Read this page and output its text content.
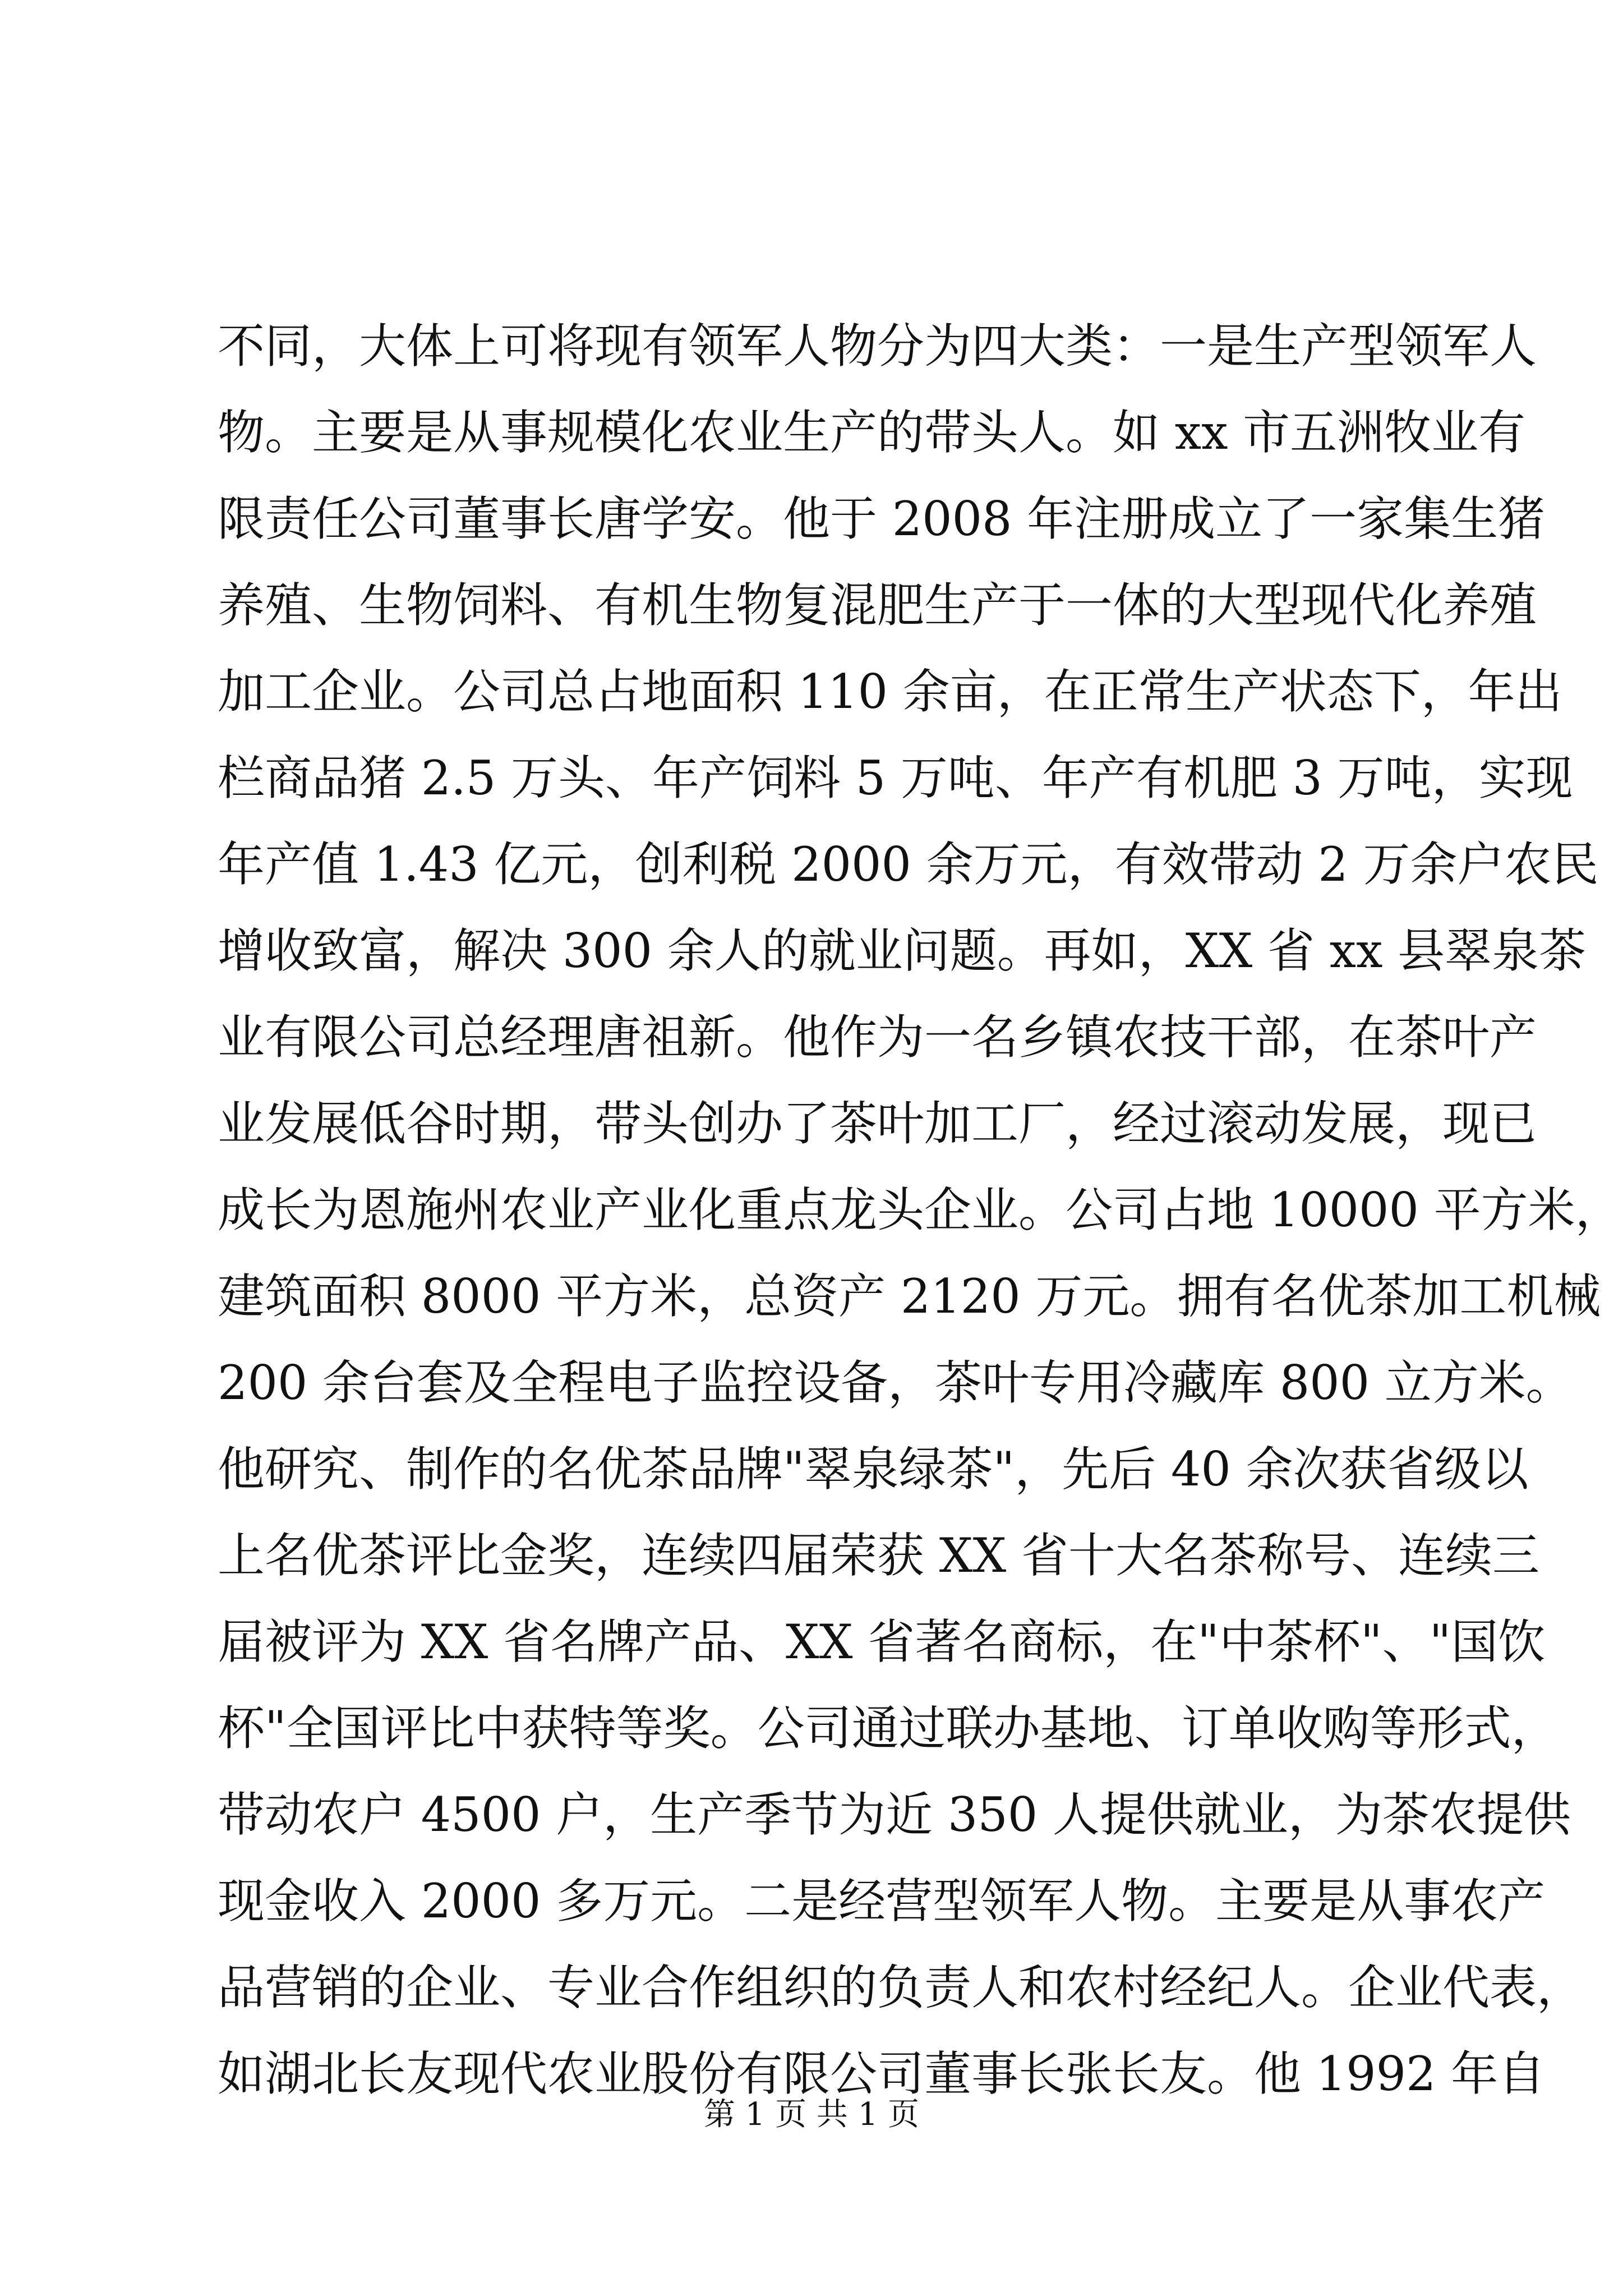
不同，大体上可将现有领军人物分为四大类：一是生产型领军人
物。主要是从事规模化农业生产的带头人。如 xx 市五洲牧业有
限责任公司董事长唐学安。他于 2008 年注册成立了一家集生猪
养殖、生物饲料、有机生物复混肥生产于一体的大型现代化养殖
加工企业。公司总占地面积 110 余亩，在正常生产状态下，年出
栏商品猪 2.5 万头、年产饲料 5 万吨、年产有机肥 3 万吨，实现
年产值 1.43 亿元，创利税 2000 余万元，有效带动 2 万余户农民
增收致富，解决 300 余人的就业问题。再如，XX 省 xx 县翠泉茶
业有限公司总经理唐祖新。他作为一名乡镇农技干部，在茶叶产
业发展低谷时期，带头创办了茶叶加工厂，经过滚动发展，现已
成长为恩施州农业产业化重点龙头企业。公司占地 10000 平方米，
建筑面积 8000 平方米，总资产 2120 万元。拥有名优茶加工机械
200 余台套及全程电子监控设备，茶叶专用冷藏库 800 立方米。
他研究、制作的名优茶品牌"翠泉绿茶"，先后 40 余次获省级以
上名优茶评比金奖，连续四届荣获 XX 省十大名茶称号、连续三
届被评为 XX 省名牌产品、XX 省著名商标，在"中茶杯"、"国饮
杯"全国评比中获特等奖。公司通过联办基地、订单收购等形式，
带动农户 4500 户，生产季节为近 350 人提供就业，为茶农提供
现金收入 2000 多万元。二是经营型领军人物。主要是从事农产
品营销的企业、专业合作组织的负责人和农村经纪人。企业代表，
如湖北长友现代农业股份有限公司董事长张长友。他 1992 年自
第 1 页 共 1 页
